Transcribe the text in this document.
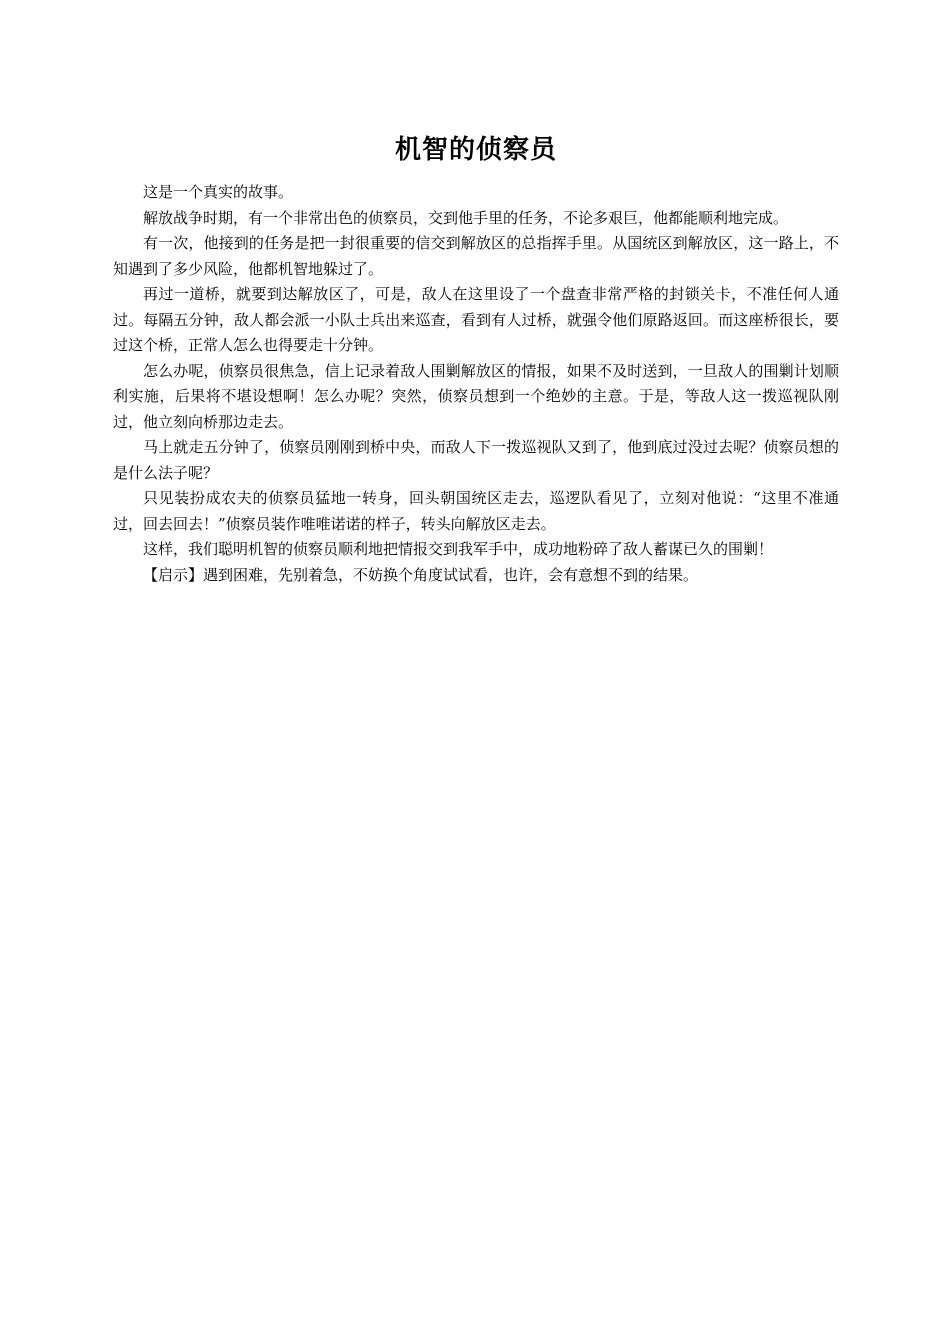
机智的侦察员

这是一个真实的故事。

解放战争时期，有一个非常出色的侦察员，交到他手里的任务，不论多艰巨，他都能顺利地完成。

有一次，他接到的任务是把一封很重要的信交到解放区的总指挥手里。从国统区到解放区，这一路上，不知遇到了多少风险，他都机智地躲过了。

再过一道桥，就要到达解放区了，可是，敌人在这里设了一个盘查非常严格的封锁关卡，不准任何人通过。每隔五分钟，敌人都会派一小队士兵出来巡查，看到有人过桥，就强令他们原路返回。而这座桥很长，要过这个桥，正常人怎么也得要走十分钟。

怎么办呢，侦察员很焦急，信上记录着敌人围剿解放区的情报，如果不及时送到，一旦敌人的围剿计划顺利实施，后果将不堪设想啊！怎么办呢？突然，侦察员想到一个绝妙的主意。于是，等敌人这一拨巡视队刚过，他立刻向桥那边走去。

马上就走五分钟了，侦察员刚刚到桥中央，而敌人下一拨巡视队又到了，他到底过没过去呢？侦察员想的是什么法子呢？

只见装扮成农夫的侦察员猛地一转身，回头朝国统区走去，巡逻队看见了，立刻对他说：“这里不准通过，回去回去！”侦察员装作唯唯诺诺的样子，转头向解放区走去。

这样，我们聪明机智的侦察员顺利地把情报交到我军手中，成功地粉碎了敌人蓄谋已久的围剿！

【启示】遇到困难，先别着急，不妨换个角度试试看，也许，会有意想不到的结果。
